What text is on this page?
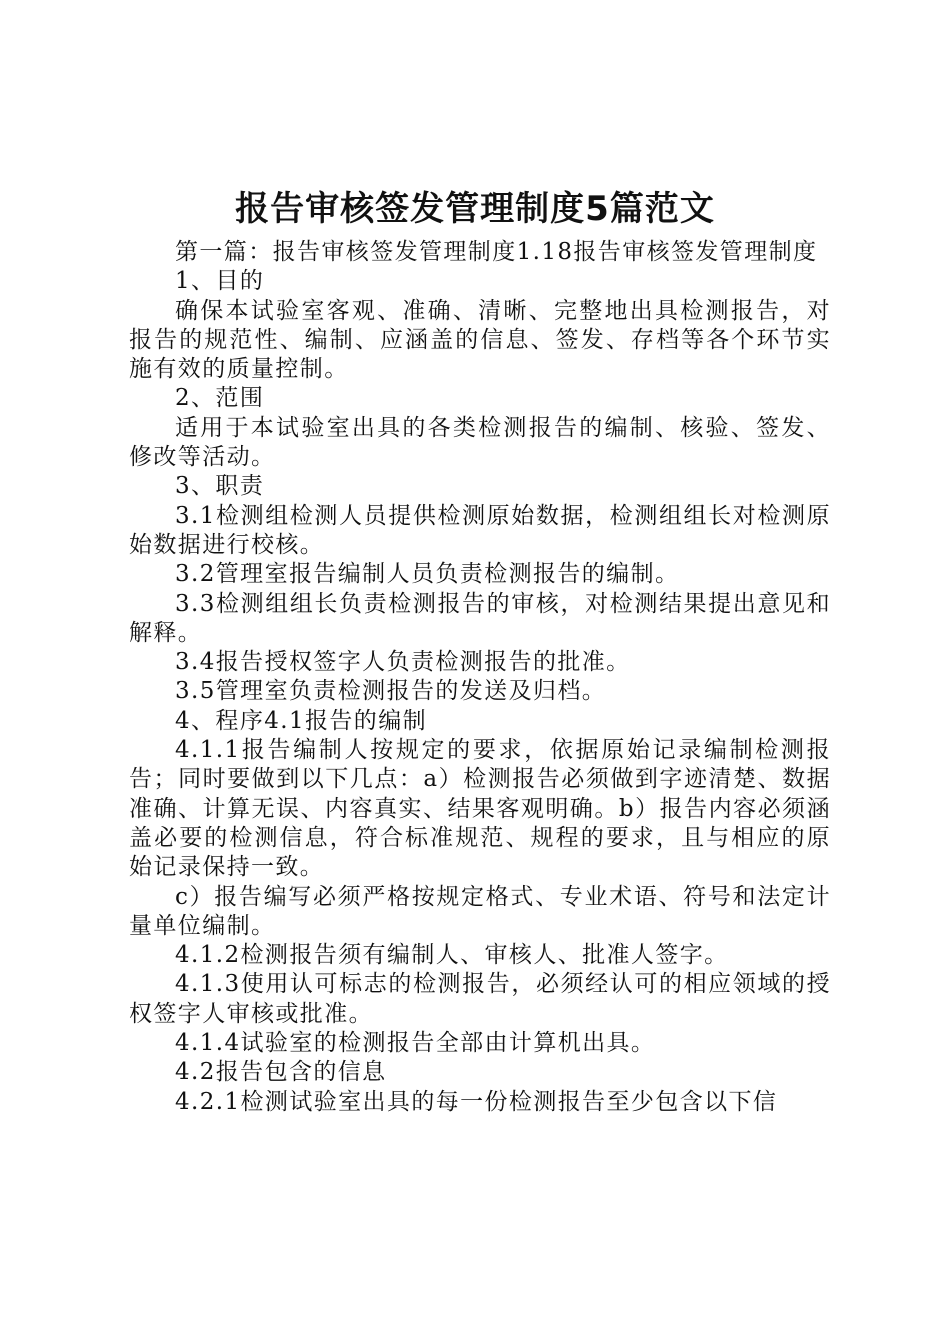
报告审核签发管理制度5篇范文

第一篇：报告审核签发管理制度1.18报告审核签发管理制度

1、目的

确保本试验室客观、准确、清晰、完整地出具检测报告，对报告的规范性、编制、应涵盖的信息、签发、存档等各个环节实施有效的质量控制。

2、范围

适用于本试验室出具的各类检测报告的编制、核验、签发、修改等活动。

3、职责

3.1检测组检测人员提供检测原始数据，检测组组长对检测原始数据进行校核。

3.2管理室报告编制人员负责检测报告的编制。

3.3检测组组长负责检测报告的审核，对检测结果提出意见和解释。

3.4报告授权签字人负责检测报告的批准。

3.5管理室负责检测报告的发送及归档。

4、程序4.1报告的编制

4.1.1报告编制人按规定的要求，依据原始记录编制检测报告；同时要做到以下几点：a）检测报告必须做到字迹清楚、数据准确、计算无误、内容真实、结果客观明确。b）报告内容必须涵盖必要的检测信息，符合标准规范、规程的要求，且与相应的原始记录保持一致。

c）报告编写必须严格按规定格式、专业术语、符号和法定计量单位编制。

4.1.2检测报告须有编制人、审核人、批准人签字。

4.1.3使用认可标志的检测报告，必须经认可的相应领域的授权签字人审核或批准。

4.1.4试验室的检测报告全部由计算机出具。

4.2报告包含的信息

4.2.1检测试验室出具的每一份检测报告至少包含以下信
